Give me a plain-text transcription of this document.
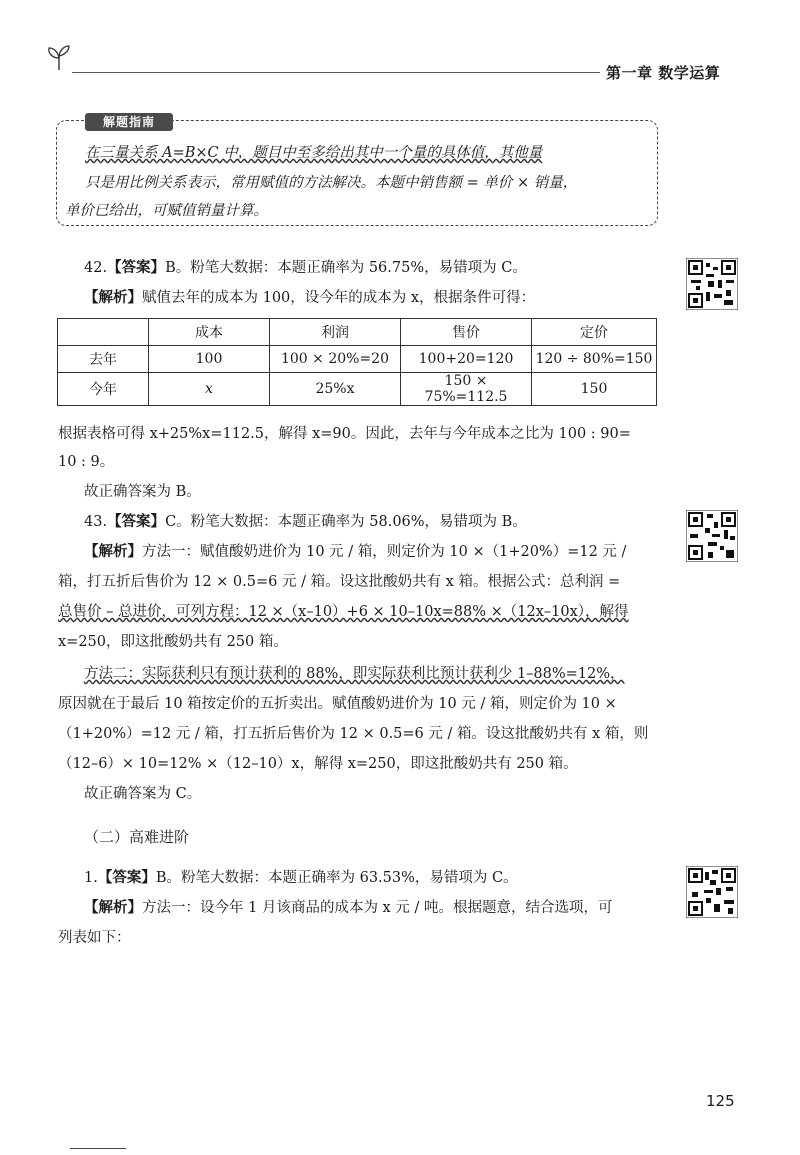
第一章 数学运算
解题指南
在三量关系 A=B×C 中，题目中至多给出其中一个量的具体值，其他量
只是用比例关系表示，常用赋值的方法解决。本题中销售额 = 单价 × 销量，
单价已给出，可赋值销量计算。
42.【答案】B。粉笔大数据：本题正确率为 56.75%，易错项为 C。
【解析】赋值去年的成本为 100，设今年的成本为 x，根据条件可得：
	成本	利润	售价	定价
去年	100	100 × 20%=20	100+20=120	120 ÷ 80%=150
今年	x	25%x	150 × 75%=112.5	150
根据表格可得 x+25%x=112.5，解得 x=90。因此，去年与今年成本之比为 100 : 90=
10 : 9。
故正确答案为 B。
43.【答案】C。粉笔大数据：本题正确率为 58.06%，易错项为 B。
【解析】方法一：赋值酸奶进价为 10 元 / 箱，则定价为 10 ×（1+20%）=12 元 /
箱，打五折后售价为 12 × 0.5=6 元 / 箱。设这批酸奶共有 x 箱。根据公式：总利润 =
总售价 – 总进价，可列方程：12 ×（x–10）+6 × 10–10x=88% ×（12x–10x），解得
x=250，即这批酸奶共有 250 箱。
方法二：实际获利只有预计获利的 88%，即实际获利比预计获利少 1–88%=12%，
原因就在于最后 10 箱按定价的五折卖出。赋值酸奶进价为 10 元 / 箱，则定价为 10 ×
（1+20%）=12 元 / 箱，打五折后售价为 12 × 0.5=6 元 / 箱。设这批酸奶共有 x 箱，则
（12–6）× 10=12% ×（12–10）x，解得 x=250，即这批酸奶共有 250 箱。
故正确答案为 C。
（二）高难进阶
1.【答案】B。粉笔大数据：本题正确率为 63.53%，易错项为 C。
【解析】方法一：设今年 1 月该商品的成本为 x 元 / 吨。根据题意，结合选项，可
列表如下：
125
